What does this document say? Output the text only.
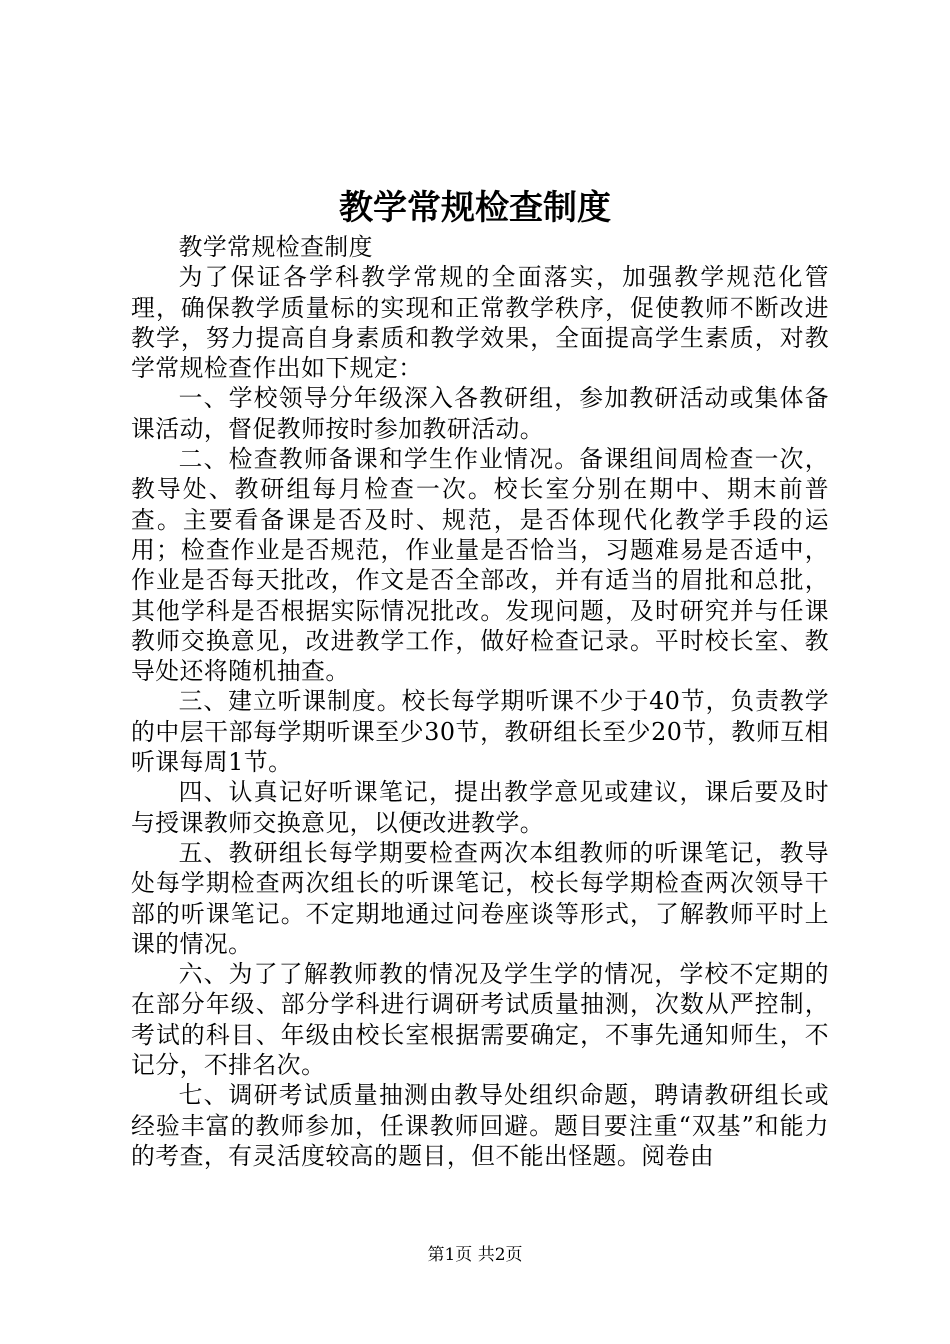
教学常规检查制度

教学常规检查制度

为了保证各学科教学常规的全面落实，加强教学规范化管理，确保教学质量标的实现和正常教学秩序，促使教师不断改进教学，努力提高自身素质和教学效果，全面提高学生素质，对教学常规检查作出如下规定：

一、学校领导分年级深入各教研组，参加教研活动或集体备课活动，督促教师按时参加教研活动。

二、检查教师备课和学生作业情况。备课组间周检查一次，教导处、教研组每月检查一次。校长室分别在期中、期末前普查。主要看备课是否及时、规范，是否体现代化教学手段的运用；检查作业是否规范，作业量是否恰当，习题难易是否适中，作业是否每天批改，作文是否全部改，并有适当的眉批和总批，其他学科是否根据实际情况批改。发现问题，及时研究并与任课教师交换意见，改进教学工作，做好检查记录。平时校长室、教导处还将随机抽查。

三、建立听课制度。校长每学期听课不少于40节，负责教学的中层干部每学期听课至少30节，教研组长至少20节，教师互相听课每周1节。

四、认真记好听课笔记，提出教学意见或建议，课后要及时与授课教师交换意见，以便改进教学。

五、教研组长每学期要检查两次本组教师的听课笔记，教导处每学期检查两次组长的听课笔记，校长每学期检查两次领导干部的听课笔记。不定期地通过问卷座谈等形式，了解教师平时上课的情况。

六、为了了解教师教的情况及学生学的情况，学校不定期的在部分年级、部分学科进行调研考试质量抽测，次数从严控制，考试的科目、年级由校长室根据需要确定，不事先通知师生，不记分，不排名次。

七、调研考试质量抽测由教导处组织命题，聘请教研组长或经验丰富的教师参加，任课教师回避。题目要注重“双基”和能力的考查，有灵活度较高的题目，但不能出怪题。阅卷由

第1页 共2页
